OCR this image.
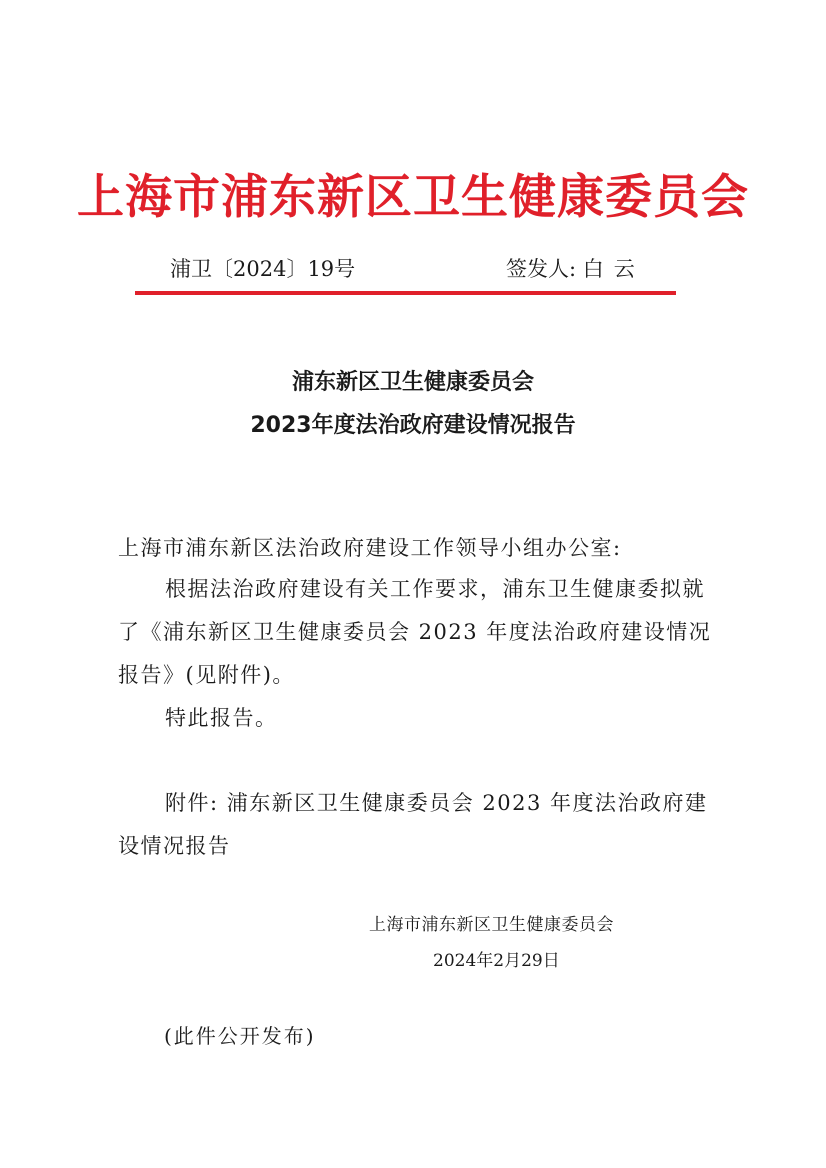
上海市浦东新区卫生健康委员会
浦卫〔2024〕19号	签发人: 白云
浦东新区卫生健康委员会
2023年度法治政府建设情况报告
上海市浦东新区法治政府建设工作领导小组办公室:
根据法治政府建设有关工作要求，浦东卫生健康委拟就
了《浦东新区卫生健康委员会 2023 年度法治政府建设情况
报告》(见附件)。
特此报告。
附件: 浦东新区卫生健康委员会 2023 年度法治政府建
设情况报告
上海市浦东新区卫生健康委员会
2024年2月29日
(此件公开发布)
